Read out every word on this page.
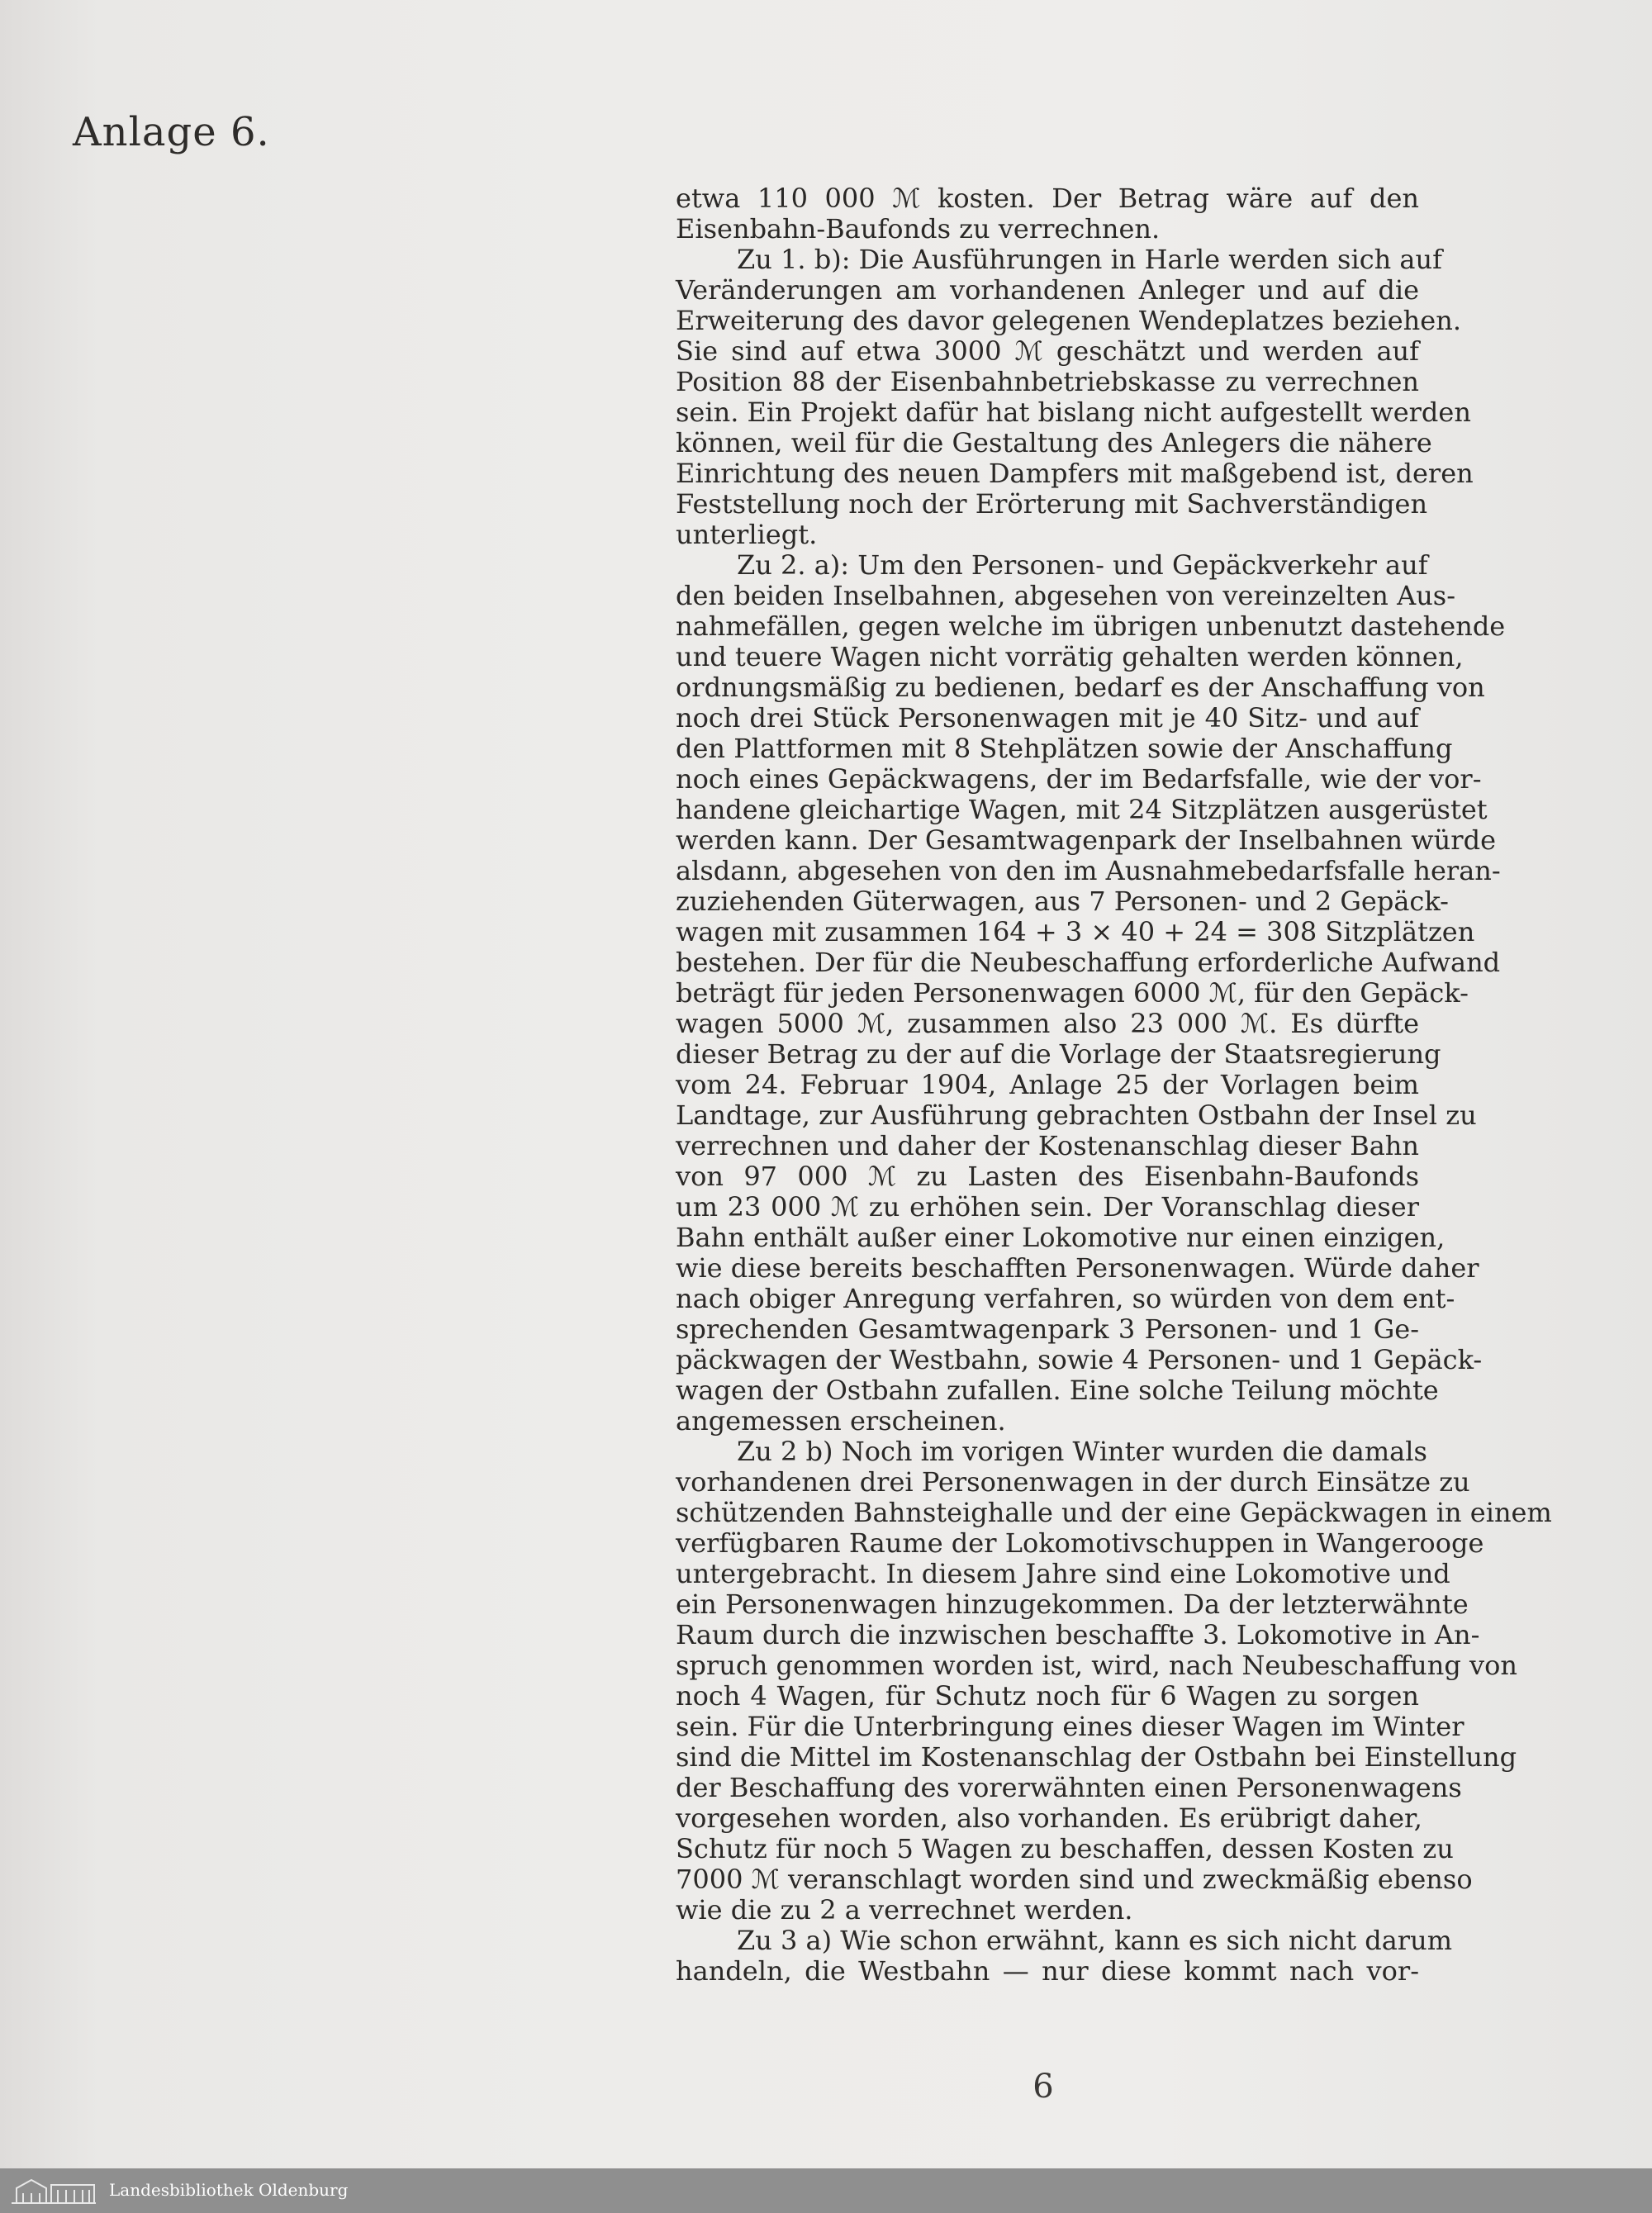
Anlage 6.
etwa 110 000 ℳ kosten. Der Betrag wäre auf den
Eisenbahn-Baufonds zu verrechnen.
Zu 1. b): Die Ausführungen in Harle werden sich auf
Veränderungen am vorhandenen Anleger und auf die
Erweiterung des davor gelegenen Wendeplatzes beziehen.
Sie sind auf etwa 3000 ℳ geschätzt und werden auf
Position 88 der Eisenbahnbetriebskasse zu verrechnen
sein. Ein Projekt dafür hat bislang nicht aufgestellt werden
können, weil für die Gestaltung des Anlegers die nähere
Einrichtung des neuen Dampfers mit maßgebend ist, deren
Feststellung noch der Erörterung mit Sachverständigen
unterliegt.
Zu 2. a): Um den Personen- und Gepäckverkehr auf
den beiden Inselbahnen, abgesehen von vereinzelten Aus-
nahmefällen, gegen welche im übrigen unbenutzt dastehende
und teuere Wagen nicht vorrätig gehalten werden können,
ordnungsmäßig zu bedienen, bedarf es der Anschaffung von
noch drei Stück Personenwagen mit je 40 Sitz- und auf
den Plattformen mit 8 Stehplätzen sowie der Anschaffung
noch eines Gepäckwagens, der im Bedarfsfalle, wie der vor-
handene gleichartige Wagen, mit 24 Sitzplätzen ausgerüstet
werden kann. Der Gesamtwagenpark der Inselbahnen würde
alsdann, abgesehen von den im Ausnahmebedarfsfalle heran-
zuziehenden Güterwagen, aus 7 Personen- und 2 Gepäck-
wagen mit zusammen 164 + 3 × 40 + 24 = 308 Sitzplätzen
bestehen. Der für die Neubeschaffung erforderliche Aufwand
beträgt für jeden Personenwagen 6000 ℳ, für den Gepäck-
wagen 5000 ℳ, zusammen also 23 000 ℳ. Es dürfte
dieser Betrag zu der auf die Vorlage der Staatsregierung
vom 24. Februar 1904, Anlage 25 der Vorlagen beim
Landtage, zur Ausführung gebrachten Ostbahn der Insel zu
verrechnen und daher der Kostenanschlag dieser Bahn
von 97 000 ℳ zu Lasten des Eisenbahn-Baufonds
um 23 000 ℳ zu erhöhen sein. Der Voranschlag dieser
Bahn enthält außer einer Lokomotive nur einen einzigen,
wie diese bereits beschafften Personenwagen. Würde daher
nach obiger Anregung verfahren, so würden von dem ent-
sprechenden Gesamtwagenpark 3 Personen- und 1 Ge-
päckwagen der Westbahn, sowie 4 Personen- und 1 Gepäck-
wagen der Ostbahn zufallen. Eine solche Teilung möchte
angemessen erscheinen.
Zu 2 b) Noch im vorigen Winter wurden die damals
vorhandenen drei Personenwagen in der durch Einsätze zu
schützenden Bahnsteighalle und der eine Gepäckwagen in einem
verfügbaren Raume der Lokomotivschuppen in Wangerooge
untergebracht. In diesem Jahre sind eine Lokomotive und
ein Personenwagen hinzugekommen. Da der letzterwähnte
Raum durch die inzwischen beschaffte 3. Lokomotive in An-
spruch genommen worden ist, wird, nach Neubeschaffung von
noch 4 Wagen, für Schutz noch für 6 Wagen zu sorgen
sein. Für die Unterbringung eines dieser Wagen im Winter
sind die Mittel im Kostenanschlag der Ostbahn bei Einstellung
der Beschaffung des vorerwähnten einen Personenwagens
vorgesehen worden, also vorhanden. Es erübrigt daher,
Schutz für noch 5 Wagen zu beschaffen, dessen Kosten zu
7000 ℳ veranschlagt worden sind und zweckmäßig ebenso
wie die zu 2 a verrechnet werden.
Zu 3 a) Wie schon erwähnt, kann es sich nicht darum
handeln, die Westbahn — nur diese kommt nach vor-
6
Landesbibliothek Oldenburg
